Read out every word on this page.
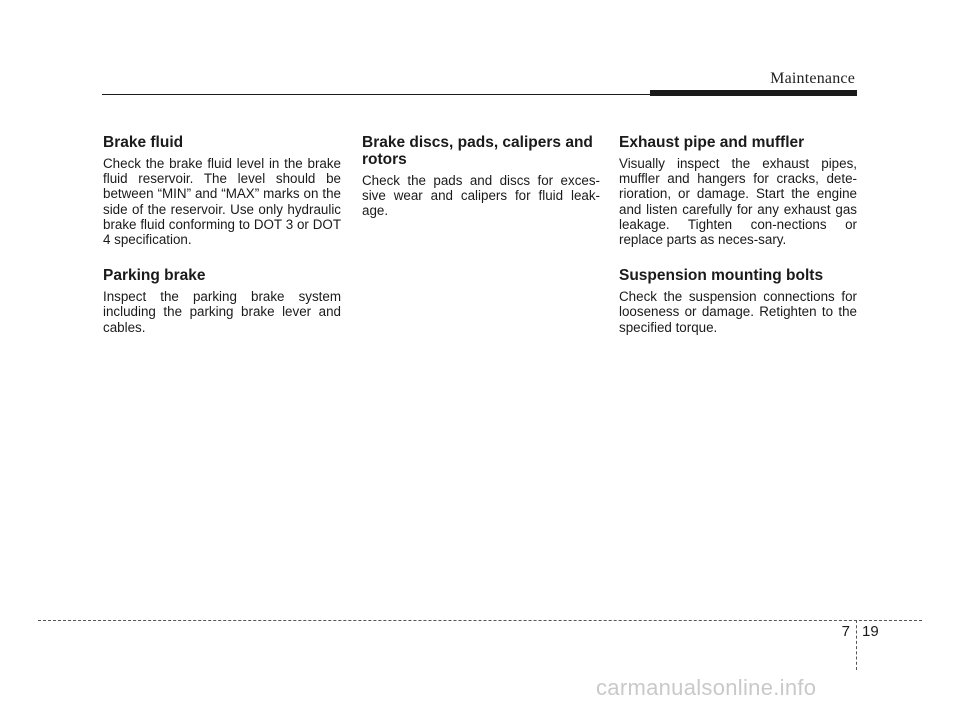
Maintenance
Brake fluid

Check the brake fluid level in the brake fluid reservoir. The level should be between “MIN” and “MAX” marks on the side of the reservoir. Use only hydraulic brake fluid conforming to DOT 3 or DOT 4 specification.

Parking brake

Inspect the parking brake system including the parking brake lever and cables.

Brake discs, pads, calipers and rotors

Check the pads and discs for exces-sive wear and calipers for fluid leak-age.

Exhaust pipe and muffler

Visually inspect the exhaust pipes, muffler and hangers for cracks, dete-rioration, or damage. Start the engine and listen carefully for any exhaust gas leakage. Tighten con-nections or replace parts as neces-sary.

Suspension mounting bolts

Check the suspension connections for looseness or damage. Retighten to the specified torque.

7 19
carmanualsonline.info
